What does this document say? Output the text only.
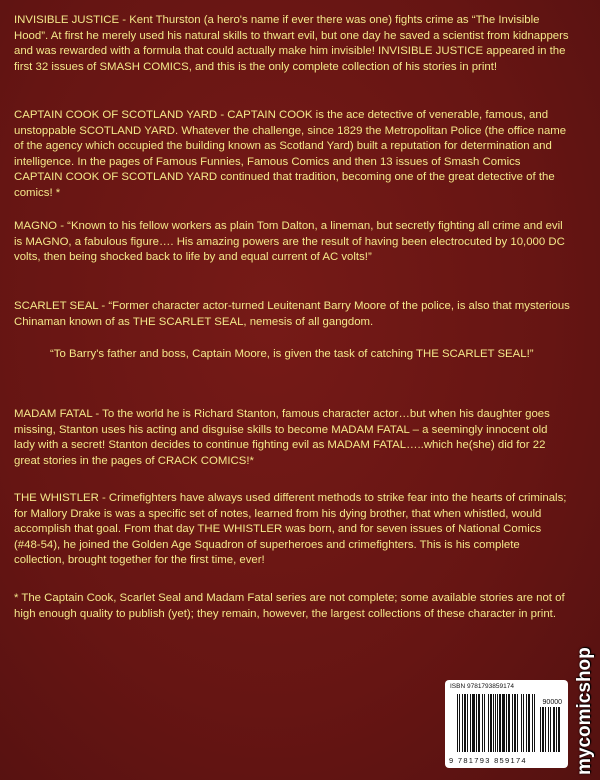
INVISIBLE JUSTICE - Kent Thurston (a hero's name if ever there was one) fights crime as “The Invisible Hood”. At first he merely used his natural skills to thwart evil, but one day he saved a scientist from kidnappers and was rewarded with a formula that could actually make him invisible! INVISIBLE JUSTICE appeared in the first 32 issues of SMASH COMICS, and this is the only complete collection of his stories in print!

CAPTAIN COOK OF SCOTLAND YARD - CAPTAIN COOK is the ace detective of venerable, famous, and unstoppable SCOTLAND YARD. Whatever the challenge, since 1829 the Metropolitan Police (the office name of the agency which occupied the building known as Scotland Yard) built a reputation for determination and intelligence. In the pages of Famous Funnies, Famous Comics and then 13 issues of Smash Comics CAPTAIN COOK OF SCOTLAND YARD continued that tradition, becoming one of the great detective of the comics! *

MAGNO - “Known to his fellow workers as plain Tom Dalton, a lineman, but secretly fighting all crime and evil is MAGNO, a fabulous figure…. His amazing powers are the result of having been electrocuted by 10,000 DC volts, then being shocked back to life by and equal current of AC volts!”

SCARLET SEAL - “Former character actor-turned Leuitenant Barry Moore of the police, is also that mysterious Chinaman known of as THE SCARLET SEAL, nemesis of all gangdom.

“To Barry's father and boss, Captain Moore, is given the task of catching THE SCARLET SEAL!”

MADAM FATAL - To the world he is Richard Stanton, famous character actor…but when his daughter goes missing, Stanton uses his acting and disguise skills to become MADAM FATAL – a seemingly innocent old lady with a secret! Stanton decides to continue fighting evil as MADAM FATAL…..which he(she) did for 22 great stories in the pages of CRACK COMICS!*

THE WHISTLER - Crimefighters have always used different methods to strike fear into the hearts of criminals; for Mallory Drake is was a specific set of notes, learned from his dying brother, that when whistled, would accomplish that goal. From that day THE WHISTLER was born, and for seven issues of National Comics (#48-54), he joined the Golden Age Squadron of superheroes and crimefighters. This is his complete collection, brought together for the first time, ever!

* The Captain Cook, Scarlet Seal and Madam Fatal series are not complete; some available stories are not of high enough quality to publish (yet); they remain, however, the largest collections of these character in print.

ISBN 9781793859174
90000
9 781793 859174 mycomicshop
